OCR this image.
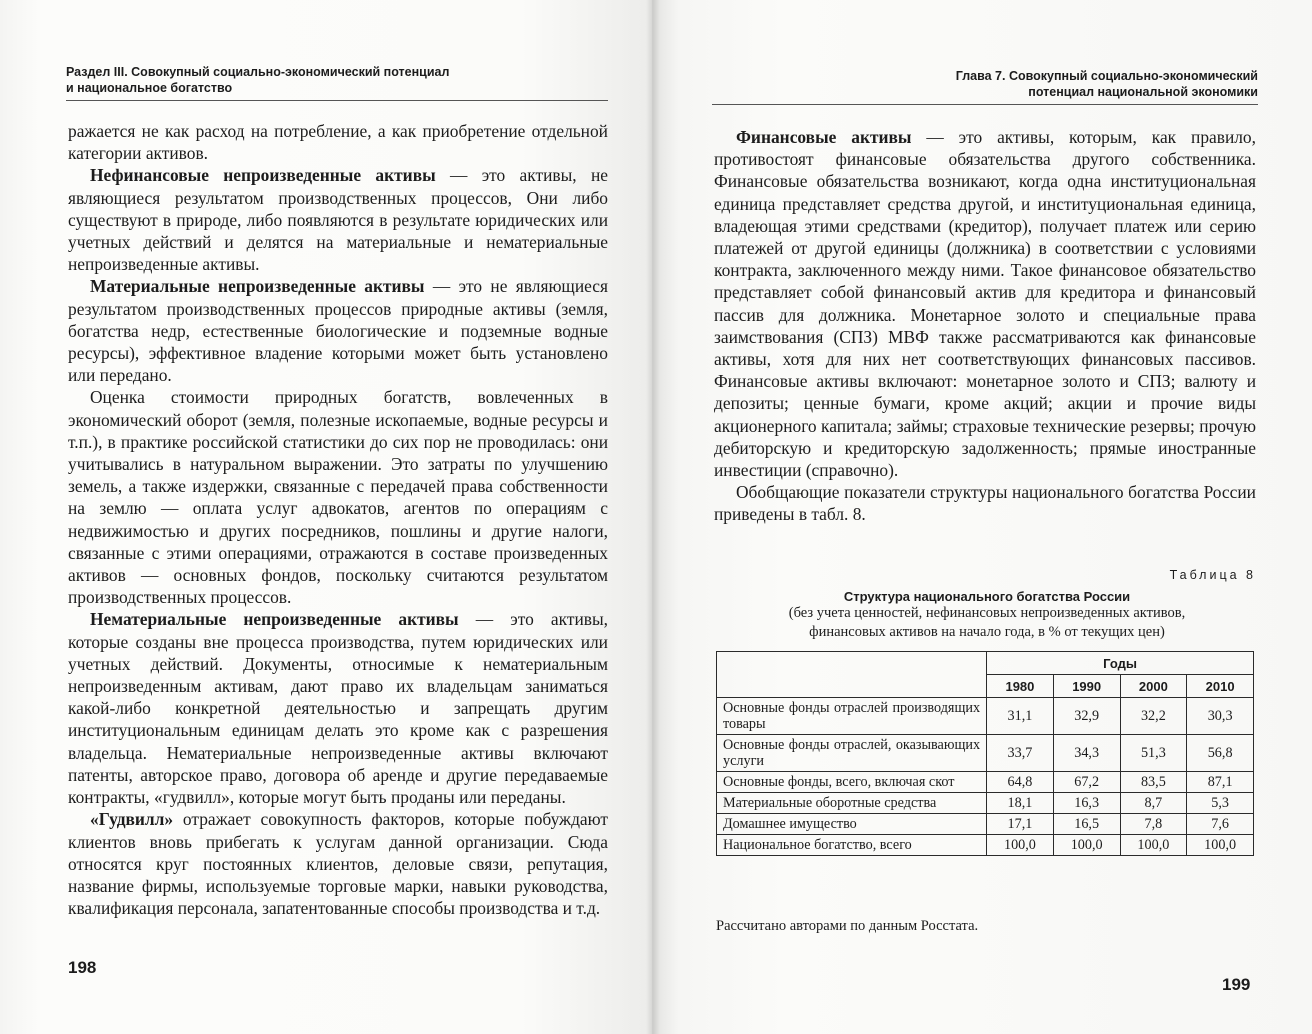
Раздел III. Совокупный социально-экономический потенциал
и национальное богатство

ражается не как расход на потребление, а как приобретение отдельной категории активов.

Нефинансовые непроизведенные активы — это активы, не являющиеся результатом производственных процессов, Они либо существуют в природе, либо появляются в результате юридических или учетных действий и делятся на материальные и нематериальные непроизведенные активы.

Материальные непроизведенные активы — это не являющиеся результатом производственных процессов природные активы (земля, богатства недр, естественные биологические и подземные водные ресурсы), эффективное владение которыми может быть установлено или передано.

Оценка стоимости природных богатств, вовлеченных в экономический оборот (земля, полезные ископаемые, водные ресурсы и т.п.), в практике российской статистики до сих пор не проводилась: они учитывались в натуральном выражении. Это затраты по улучшению земель, а также издержки, связанные с передачей права собственности на землю — оплата услуг адвокатов, агентов по операциям с недвижимостью и других посредников, пошлины и другие налоги, связанные с этими операциями, отражаются в составе произведенных активов — основных фондов, поскольку считаются результатом производственных процессов.

Нематериальные непроизведенные активы — это активы, которые созданы вне процесса производства, путем юридических или учетных действий. Документы, относимые к нематериальным непроизведенным активам, дают право их владельцам заниматься какой-либо конкретной деятельностью и запрещать другим институциональным единицам делать это кроме как с разрешения владельца. Нематериальные непроизведенные активы включают патенты, авторское право, договора об аренде и другие передаваемые контракты, «гудвилл», которые могут быть проданы или переданы.

«Гудвилл» отражает совокупность факторов, которые побуждают клиентов вновь прибегать к услугам данной организации. Сюда относятся круг постоянных клиентов, деловые связи, репутация, название фирмы, используемые торговые марки, навыки руководства, квалификация персонала, запатентованные способы производства и т.д.

198
Глава 7. Совокупный социально-экономический
потенциал национальной экономики

Финансовые активы — это активы, которым, как правило, противостоят финансовые обязательства другого собственника. Финансовые обязательства возникают, когда одна институциональная единица представляет средства другой, и институциональная единица, владеющая этими средствами (кредитор), получает платеж или серию платежей от другой единицы (должника) в соответствии с условиями контракта, заключенного между ними. Такое финансовое обязательство представляет собой финансовый актив для кредитора и финансовый пассив для должника. Монетарное золото и специальные права заимствования (СПЗ) МВФ также рассматриваются как финансовые активы, хотя для них нет соответствующих финансовых пассивов. Финансовые активы включают: монетарное золото и СПЗ; валюту и депозиты; ценные бумаги, кроме акций; акции и прочие виды акционерного капитала; займы; страховые технические резервы; прочую дебиторскую и кредиторскую задолженность; прямые иностранные инвестиции (справочно).

Обобщающие показатели структуры национального богатства России приведены в табл. 8.

Таблица 8
Структура национального богатства России
(без учета ценностей, нефинансовых непроизведенных активов,
финансовых активов на начало года, в % от текущих цен)
	Годы			
	1980	1990	2000	2010
Основные фонды отраслей производящих товары	31,1	32,9	32,2	30,3
Основные фонды отраслей, оказывающих услуги	33,7	34,3	51,3	56,8
Основные фонды, всего, включая скот	64,8	67,2	83,5	87,1
Материальные оборотные средства	18,1	16,3	8,7	5,3
Домашнее имущество	17,1	16,5	7,8	7,6
Национальное богатство, всего	100,0	100,0	100,0	100,0
Рассчитано авторами по данным Росстата.
199
